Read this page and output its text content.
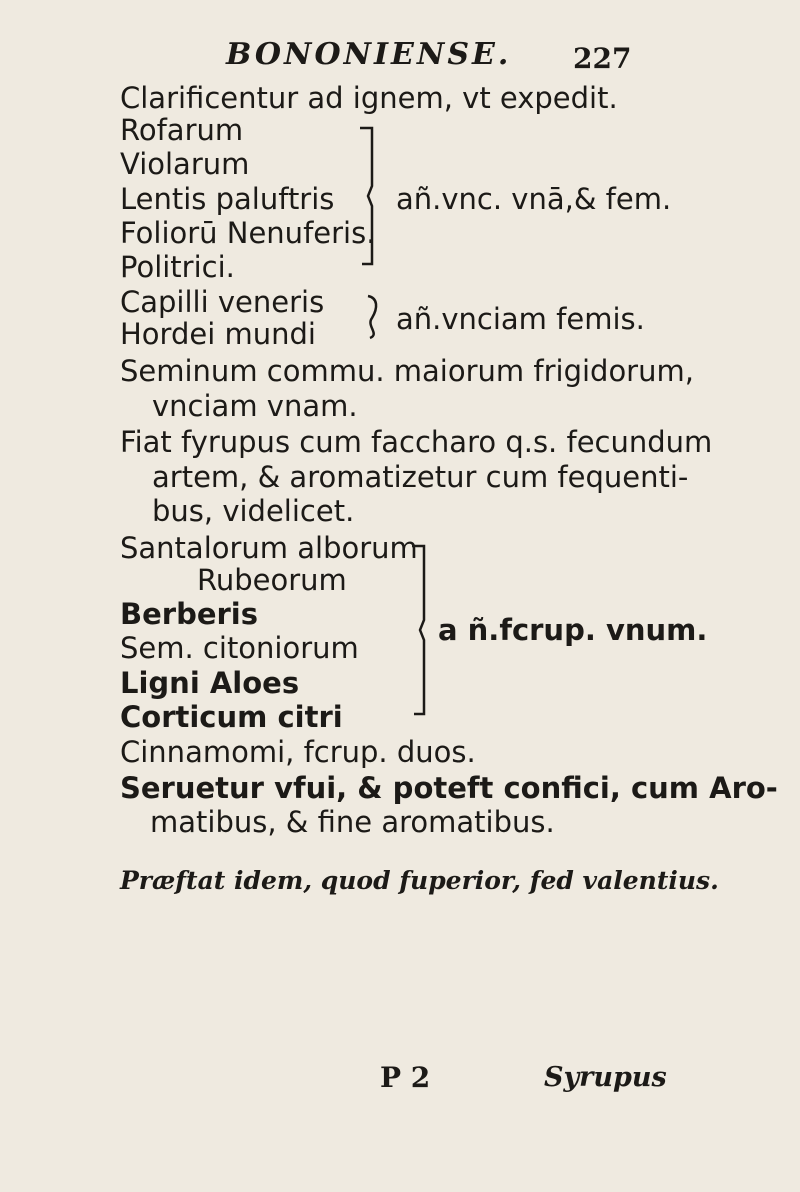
BONONIENSE. 227
Clarificentur ad ignem, vt expedit.
Rofarum
Violarum
Lentis paluftris
Foliorū Nenuferis.
Politrici.
añ.vnc. vnā,& fem.
Capilli veneris
Hordei mundi	añ.vnciam femis.
Seminum commu. maiorum frigidorum,
vnciam vnam.
Fiat fyrupus cum faccharo q.s. fecundum
artem, & aromatizetur cum fequenti-
bus, videlicet.
Santalorum alborum
Rubeorum
Berberis
Sem. citoniorum
Ligni Aloes
Corticum citri
a ñ.fcrup. vnum.
Cinnamomi, fcrup. duos.
Seruetur vfui, & poteft confici, cum Aro-
matibus, & fine aromatibus.
Præftat idem, quod fuperior, fed valentius.
P 2	Syrupus
